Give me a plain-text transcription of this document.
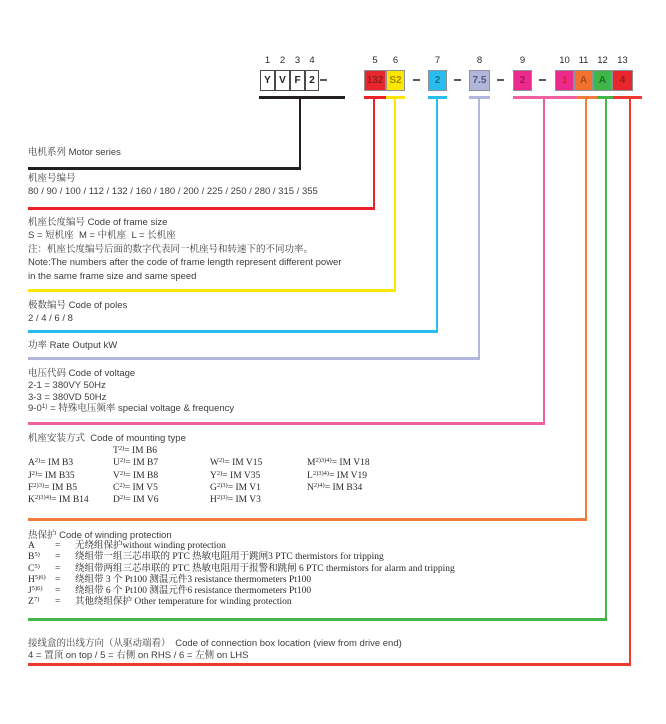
1
Y
2
V
3
F
4
2
5
132
6
S2
7
2
8
7.5
9
2
10
1
11
A
12
A
13
4
电机系列 Motor series
机座号编号
80 / 90 / 100 / 112 / 132 / 160 / 180 / 200 / 225 / 250 / 280 / 315 / 355
机座长度编号 Code of frame size
S = 短机座  M = 中机座  L = 长机座
注：机座长度编号后面的数字代表同一机座号和转速下的不同功率。
Note:The numbers after the code of frame length represent different power
in the same frame size and same speed
极数编号 Code of poles
2 / 4 / 6 / 8
功率 Rate Output kW
电压代码 Code of voltage
2-1 = 380VY 50Hz
3-3 = 380VD 50Hz
$9-0^{1)}$ = 特殊电压频率 special voltage & frequency
机座安装方式  Code of mounting type
$T^{2)}=$ IM B6
$A^{2)}=$ IM B3	$U^{2)}=$ IM B7	$W^{2)}=$ IM V15	$M^{2)3)4)}=$ IM V18
$J^{2)}=$ IM B35	$V^{2)}=$ IM B8	$Y^{2)}=$ IM V35	$L^{2)3)4)}=$ IM V19
$F^{2)3)}=$ IM B5	$C^{2)}=$ IM V5	$G^{2)3)}=$ IM V1	$N^{2)4)}=$ IM B34
$K^{2)3)4)}=$ IM B14	$D^{2)}=$ IM V6	$H^{2)3)}=$ IM V3
热保护 Code of winding protection
A = 无绕组保护without winding protection
$B^{5)}$ = 绕组带一组三芯串联的 PTC 热敏电阻用于跳闸3 PTC thermistors for tripping
$C^{5)}$ = 绕组带两组三芯串联的 PTC 热敏电阻用于报警和跳闸 6 PTC thermistors for alarm and tripping
$H^{5)6)}$ = 绕组带 3 个 Pt100 测温元件3 resistance thermometers Pt100
$J^{5)6)}$ = 绕组带 6 个 Pt100 测温元件6 resistance thermometers Pt100
$Z^{7)}$ = 其他绕组保护 Other temperature for winding protection
接线盒的出线方向（从驱动端看）　Code of connection box location (view from drive end)
4 = 置顶 on top / 5 = 右侧 on RHS / 6 = 左侧 on LHS
